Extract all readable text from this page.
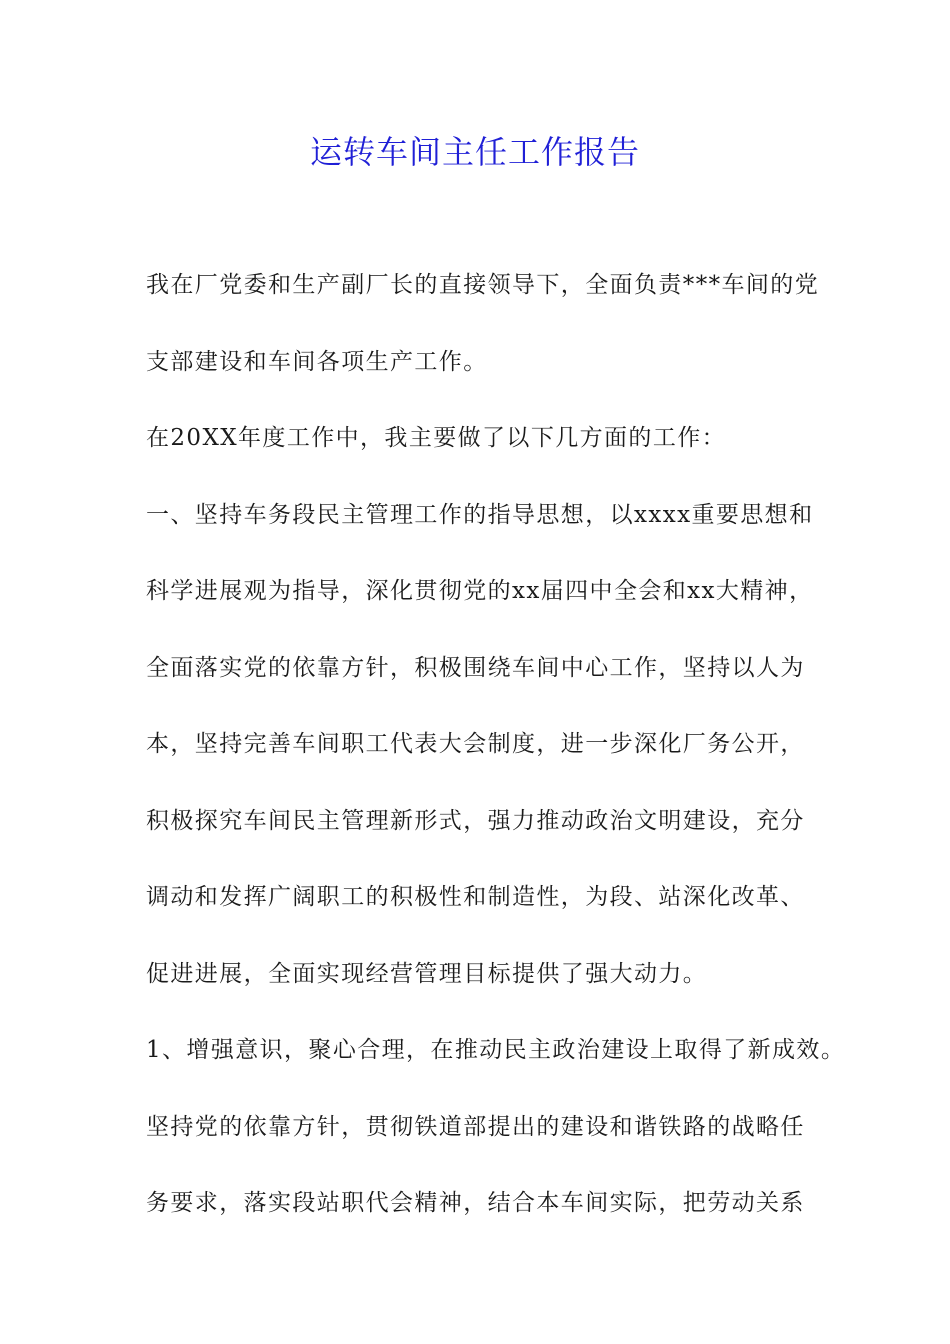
运转车间主任工作报告
我在厂党委和生产副厂长的直接领导下，全面负责***车间的党
支部建设和车间各项生产工作。
在20XX年度工作中，我主要做了以下几方面的工作：
一、坚持车务段民主管理工作的指导思想，以xxxx重要思想和
科学进展观为指导，深化贯彻党的xx届四中全会和xx大精神，
全面落实党的依靠方针，积极围绕车间中心工作，坚持以人为
本，坚持完善车间职工代表大会制度，进一步深化厂务公开，
积极探究车间民主管理新形式，强力推动政治文明建设，充分
调动和发挥广阔职工的积极性和制造性，为段、站深化改革、
促进进展，全面实现经营管理目标提供了强大动力。
1、增强意识，聚心合理，在推动民主政治建设上取得了新成效。
坚持党的依靠方针，贯彻铁道部提出的建设和谐铁路的战略任
务要求，落实段站职代会精神，结合本车间实际，把劳动关系
